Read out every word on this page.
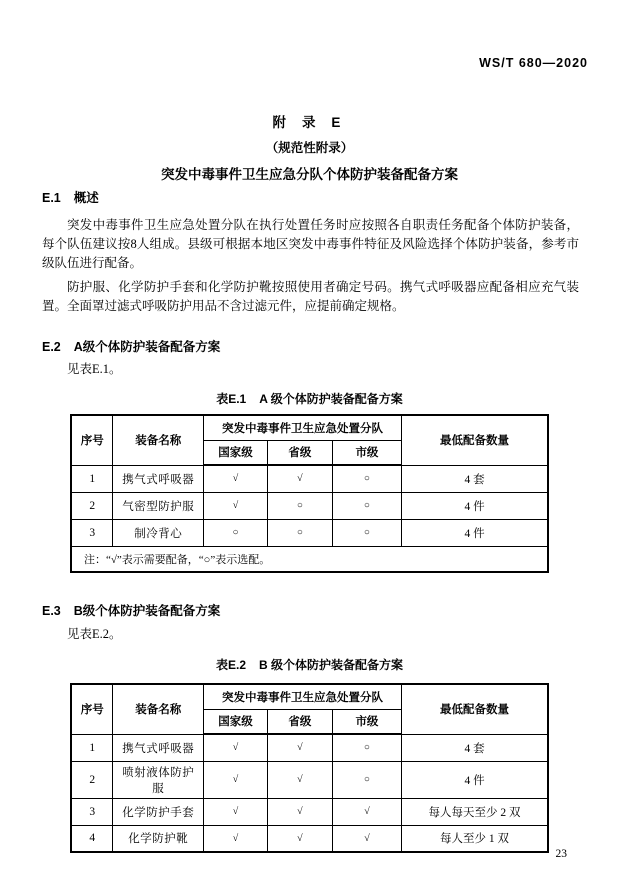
WS/T 680—2020
附 录 E
（规范性附录）
突发中毒事件卫生应急分队个体防护装备配备方案
E.1 概述

突发中毒事件卫生应急处置分队在执行处置任务时应按照各自职责任务配备个体防护装备，每个队伍建议按8人组成。县级可根据本地区突发中毒事件特征及风险选择个体防护装备，参考市级队伍进行配备。

防护服、化学防护手套和化学防护靴按照使用者确定号码。携气式呼吸器应配备相应充气装置。全面罩过滤式呼吸防护用品不含过滤元件，应提前确定规格。

E.2 A级个体防护装备配备方案

见表E.1。

表E.1 A 级个体防护装备配备方案
序号	装备名称	突发中毒事件卫生应急处置分队			最低配备数量
		国家级	省级	市级	
1	携气式呼吸器	√	√	○	4 套
2	气密型防护服	√	○	○	4 件
3	制冷背心	○	○	○	4 件
注：“√”表示需要配备，“○”表示选配。					
E.3 B级个体防护装备配备方案

见表E.2。

表E.2 B 级个体防护装备配备方案
序号	装备名称	突发中毒事件卫生应急处置分队			最低配备数量
		国家级	省级	市级	
1	携气式呼吸器	√	√	○	4 套
2	喷射液体防护服	√	√	○	4 件
3	化学防护手套	√	√	√	每人每天至少 2 双
4	化学防护靴	√	√	√	每人至少 1 双
23
